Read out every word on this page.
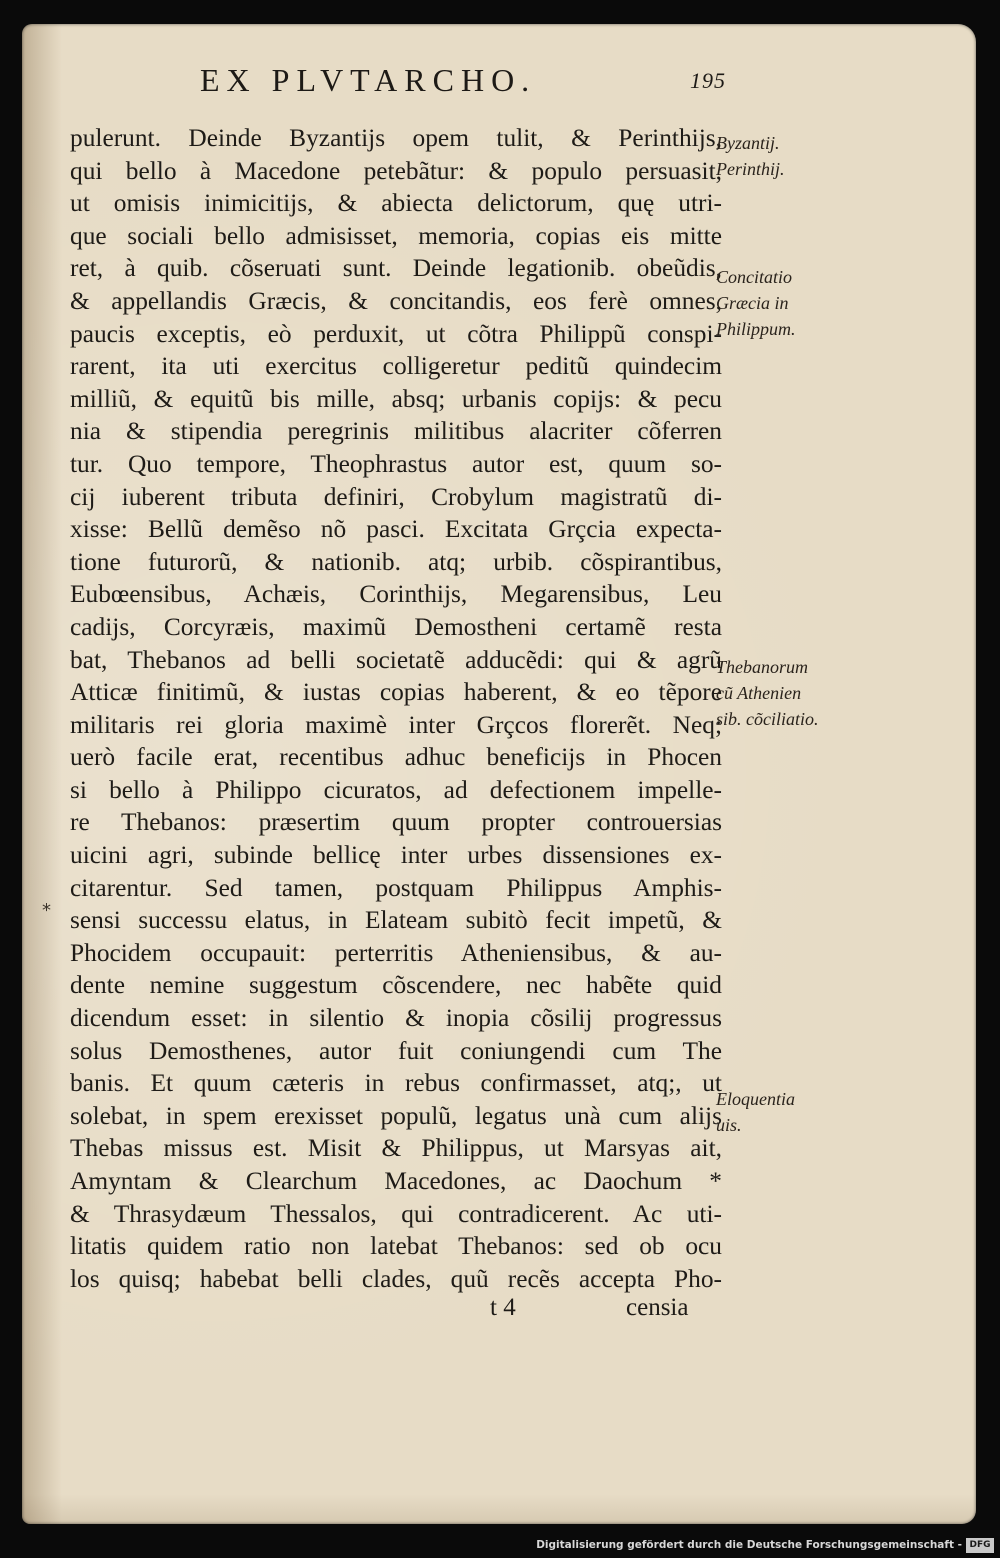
EX PLVTARCHO.	195
pulerunt. Deinde Byzantijs opem tulit, & Perinthijs,
qui bello à Macedone petebãtur: & populo persuasit,
ut omisis inimicitijs, & abiecta delictorum, quę utri-
que sociali bello admisisset, memoria, copias eis mitte
ret, à quib. cõseruati sunt. Deinde legationib. obeũdis,
& appellandis Græcis, & concitandis, eos ferè omnes,
paucis exceptis, eò perduxit, ut cõtra Philippũ conspi-
rarent, ita uti exercitus colligeretur peditũ quindecim
milliũ, & equitũ bis mille, absq; urbanis copijs: & pecu
nia & stipendia peregrinis militibus alacriter cõferren
tur. Quo tempore, Theophrastus autor est, quum so-
cij iuberent tributa definiri, Crobylum magistratũ di-
xisse: Bellũ demẽso nõ pasci. Excitata Grçcia expecta-
tione futurorũ, & nationib. atq; urbib. cõspirantibus,
Eubœensibus, Achæis, Corinthijs, Megarensibus, Leu
cadijs, Corcyræis, maximũ Demostheni certamẽ resta
bat, Thebanos ad belli societatẽ adducẽdi: qui & agrũ
Atticæ finitimũ, & iustas copias haberent, & eo tẽpore
militaris rei gloria maximè inter Grçcos florerẽt. Neq;
uerò facile erat, recentibus adhuc beneficijs in Phocen
si bello à Philippo cicuratos, ad defectionem impelle-
re Thebanos: præsertim quum propter controuersias
uicini agri, subinde bellicę inter urbes dissensiones ex-
citarentur. Sed tamen, postquam Philippus Amphis-
sensi successu elatus, in Elateam subitò fecit impetũ, &
Phocidem occupauit: perterritis Atheniensibus, & au-
dente nemine suggestum cõscendere, nec habẽte quid
dicendum esset: in silentio & inopia cõsilij progressus
solus Demosthenes, autor fuit coniungendi cum The
banis. Et quum cæteris in rebus confirmasset, atq;, ut
solebat, in spem erexisset populũ, legatus unà cum alijs
Thebas missus est. Misit & Philippus, ut Marsyas ait,
Amyntam & Clearchum Macedones, ac Daochum *
& Thrasydæum Thessalos, qui contradicerent. Ac uti-
litatis quidem ratio non latebat Thebanos: sed ob ocu
los quisq; habebat belli clades, quũ recẽs accepta Pho-
Byzantij.
Perinthij.
Concitatio
Græcia in
Philippum.
Thebanorum
cũ Athenien
sib. cõciliatio.
Eloquentia
uis.
*
t 4	censia
Digitalisierung gefördert durch die Deutsche Forschungsgemeinschaft - DFG
